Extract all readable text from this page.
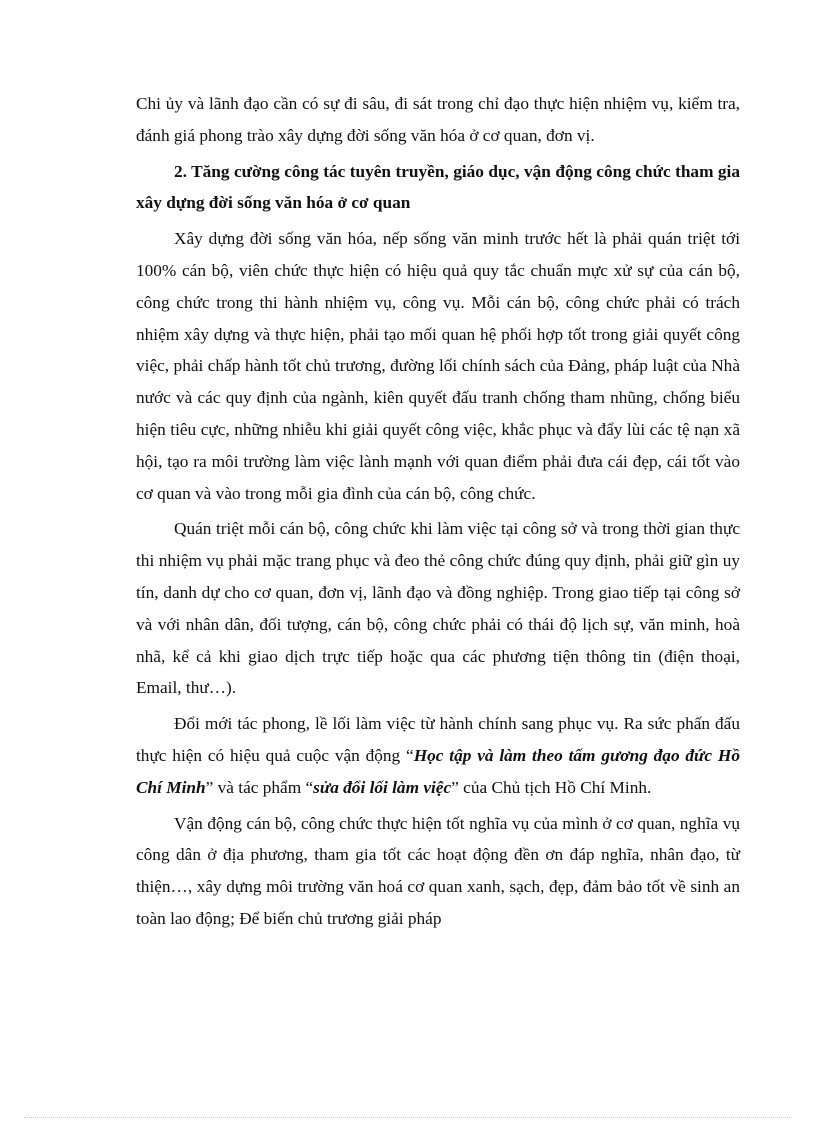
Chi ủy và lãnh đạo cần có sự đi sâu, đi sát trong chỉ đạo thực hiện nhiệm vụ, kiểm tra, đánh giá phong trào xây dựng đời sống văn hóa ở cơ quan, đơn vị.

2. Tăng cường công tác tuyên truyền, giáo dục, vận động công chức tham gia xây dựng đời sống văn hóa ở cơ quan

Xây dựng đời sống văn hóa, nếp sống văn minh trước hết là phải quán triệt tới 100% cán bộ, viên chức thực hiện có hiệu quả quy tắc chuẩn mực xử sự của cán bộ, công chức trong thi hành nhiệm vụ, công vụ. Mỗi cán bộ, công chức phải có trách nhiệm xây dựng và thực hiện, phải tạo mối quan hệ phối hợp tốt trong giải quyết công việc, phải chấp hành tốt chủ trương, đường lối chính sách của Đảng, pháp luật của Nhà nước và các quy định của ngành, kiên quyết đấu tranh chống tham nhũng, chống biểu hiện tiêu cực, những nhiễu khi giải quyết công việc, khắc phục và đẩy lùi các tệ nạn xã hội, tạo ra môi trường làm việc lành mạnh với quan điểm phải đưa cái đẹp, cái tốt vào cơ quan và vào trong mỗi gia đình của cán bộ, công chức.

Quán triệt mỗi cán bộ, công chức khi làm việc tại công sở và trong thời gian thực thi nhiệm vụ phải mặc trang phục và đeo thẻ công chức đúng quy định, phải giữ gìn uy tín, danh dự cho cơ quan, đơn vị, lãnh đạo và đồng nghiệp. Trong giao tiếp tại công sở và với nhân dân, đối tượng, cán bộ, công chức phải có thái độ lịch sự, văn minh, hoà nhã, kể cả khi giao dịch trực tiếp hoặc qua các phương tiện thông tin (điện thoại, Email, thư…).

Đổi mới tác phong, lề lối làm việc từ hành chính sang phục vụ. Ra sức phấn đấu thực hiện có hiệu quả cuộc vận động “Học tập và làm theo tấm gương đạo đức Hồ Chí Minh” và tác phẩm “sửa đổi lối làm việc” của Chủ tịch Hồ Chí Minh.

Vận động cán bộ, công chức thực hiện tốt nghĩa vụ của mình ở cơ quan, nghĩa vụ công dân ở địa phương, tham gia tốt các hoạt động đền ơn đáp nghĩa, nhân đạo, từ thiện…, xây dựng môi trường văn hoá cơ quan xanh, sạch, đẹp, đảm bảo tốt về sinh an toàn lao động; Để biến chủ trương giải pháp
